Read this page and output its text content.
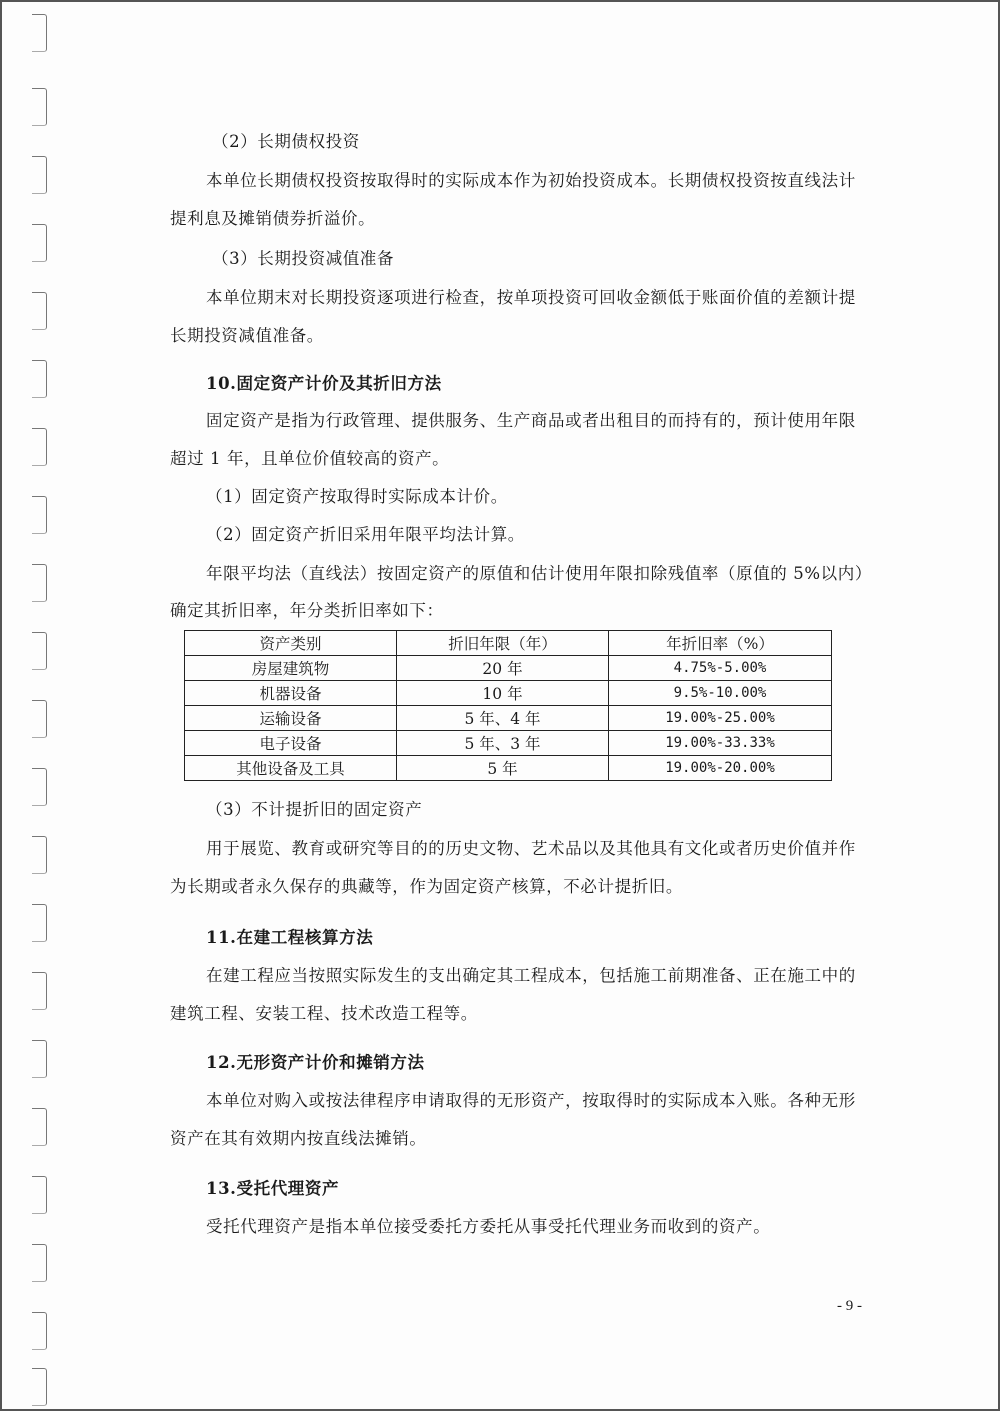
（2）长期债权投资
本单位长期债权投资按取得时的实际成本作为初始投资成本。长期债权投资按直线法计
提利息及摊销债券折溢价。
（3）长期投资减值准备
本单位期末对长期投资逐项进行检查，按单项投资可回收金额低于账面价值的差额计提
长期投资减值准备。
10.固定资产计价及其折旧方法
固定资产是指为行政管理、提供服务、生产商品或者出租目的而持有的，预计使用年限
超过 1 年，且单位价值较高的资产。
（1）固定资产按取得时实际成本计价。
（2）固定资产折旧采用年限平均法计算。
年限平均法（直线法）按固定资产的原值和估计使用年限扣除残值率（原值的 5%以内）
确定其折旧率，年分类折旧率如下：
资产类别	折旧年限（年）	年折旧率（%）
房屋建筑物	20 年	4.75%-5.00%
机器设备	10 年	9.5%-10.00%
运输设备	5 年、4 年	19.00%-25.00%
电子设备	5 年、3 年	19.00%-33.33%
其他设备及工具	5 年	19.00%-20.00%
（3）不计提折旧的固定资产
用于展览、教育或研究等目的的历史文物、艺术品以及其他具有文化或者历史价值并作
为长期或者永久保存的典藏等，作为固定资产核算，不必计提折旧。
11.在建工程核算方法
在建工程应当按照实际发生的支出确定其工程成本，包括施工前期准备、正在施工中的
建筑工程、安装工程、技术改造工程等。
12.无形资产计价和摊销方法
本单位对购入或按法律程序申请取得的无形资产，按取得时的实际成本入账。各种无形
资产在其有效期内按直线法摊销。
13.受托代理资产
受托代理资产是指本单位接受委托方委托从事受托代理业务而收到的资产。
- 9 -
